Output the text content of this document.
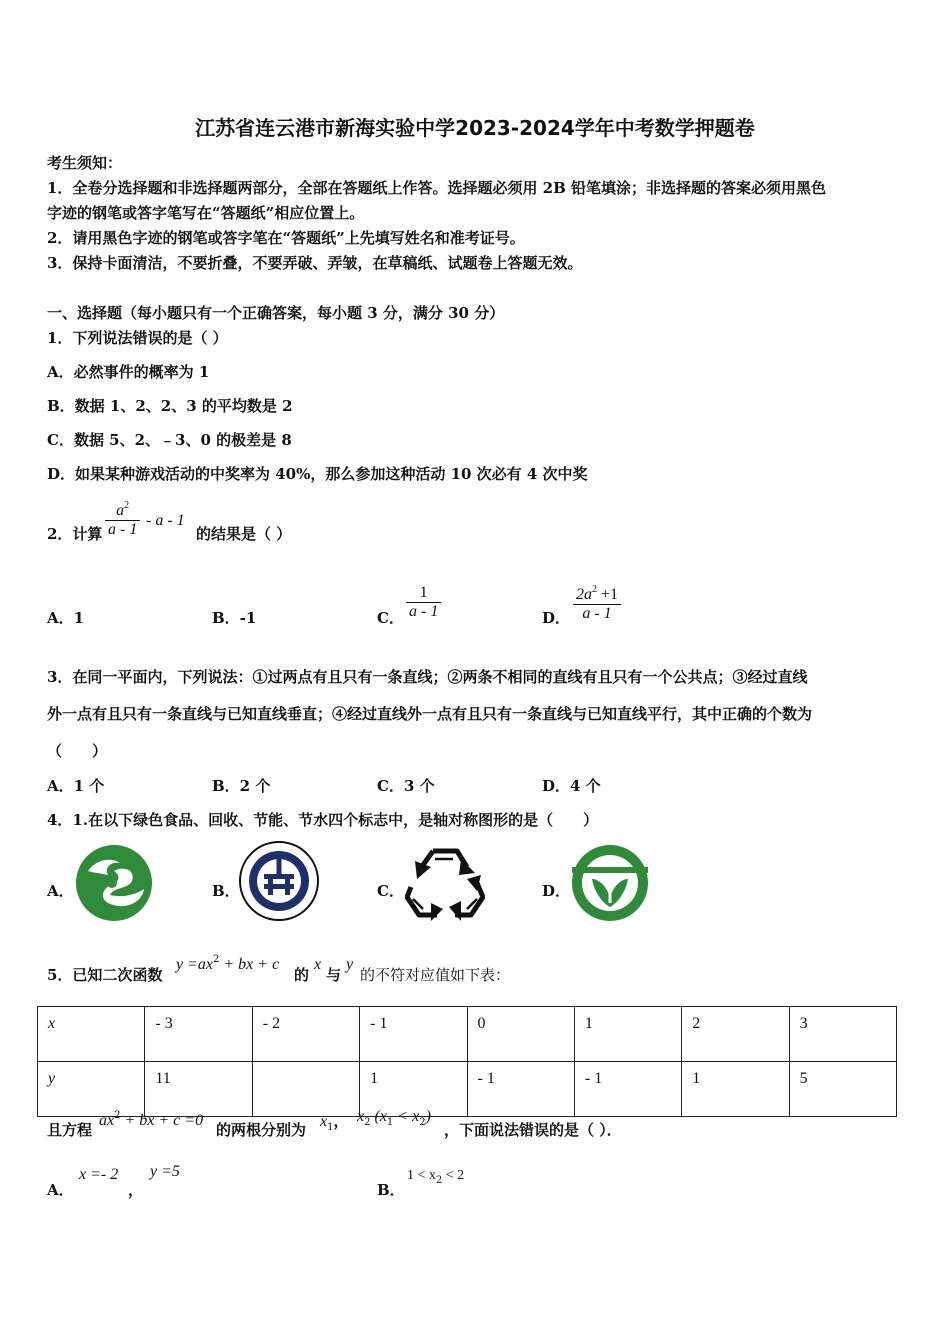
江苏省连云港市新海实验中学2023-2024学年中考数学押题卷
考生须知：
1．全卷分选择题和非选择题两部分，全部在答题纸上作答。选择题必须用 2B 铅笔填涂；非选择题的答案必须用黑色
字迹的钢笔或答字笔写在“答题纸”相应位置上。
2．请用黑色字迹的钢笔或答字笔在“答题纸”上先填写姓名和准考证号。
3．保持卡面清洁，不要折叠，不要弄破、弄皱，在草稿纸、试题卷上答题无效。
一、选择题（每小题只有一个正确答案，每小题 3 分，满分 30 分）
1．下列说法错误的是（ ）
A．必然事件的概率为 1
B．数据 1、2、2、3 的平均数是 2
C．数据 5、2、﹣3、0 的极差是 8
D．如果某种游戏活动的中奖率为 40%，那么参加这种活动 10 次必有 4 次中奖
2．计算 $\frac{a^2}{a - 1}$ - a - 1
的结果是（ ）
A．1	B．-1	C． $\frac{1}{a - 1}$	D． $\frac{2a^2 +1}{a - 1}$
3．在同一平面内，下列说法：①过两点有且只有一条直线；②两条不相同的直线有且只有一个公共点；③经过直线
外一点有且只有一条直线与已知直线垂直；④经过直线外一点有且只有一条直线与已知直线平行，其中正确的个数为
（　　）
A．1 个	B．2 个	C．3 个	D．4 个
4．1.在以下绿色食品、回收、节能、节水四个标志中，是轴对称图形的是（　　）
A．	B．	C．	D．
5．已知二次函数
$y =ax^2$ + bx + c
的
x
与
y
的不符对应值如下表：
x	- 3	- 2	- 1	0	1	2	3
y	11		1	- 1	- 1	1	5
且方程
$ax^2$ + bx + c =0
的两根分别为 $x_1$， $x_2$ $(x_1 < x_2)$
，下面说法错误的是（ ）．
A．
x =- 2
，
y =5
B．
$1 < x_2 < 2$
